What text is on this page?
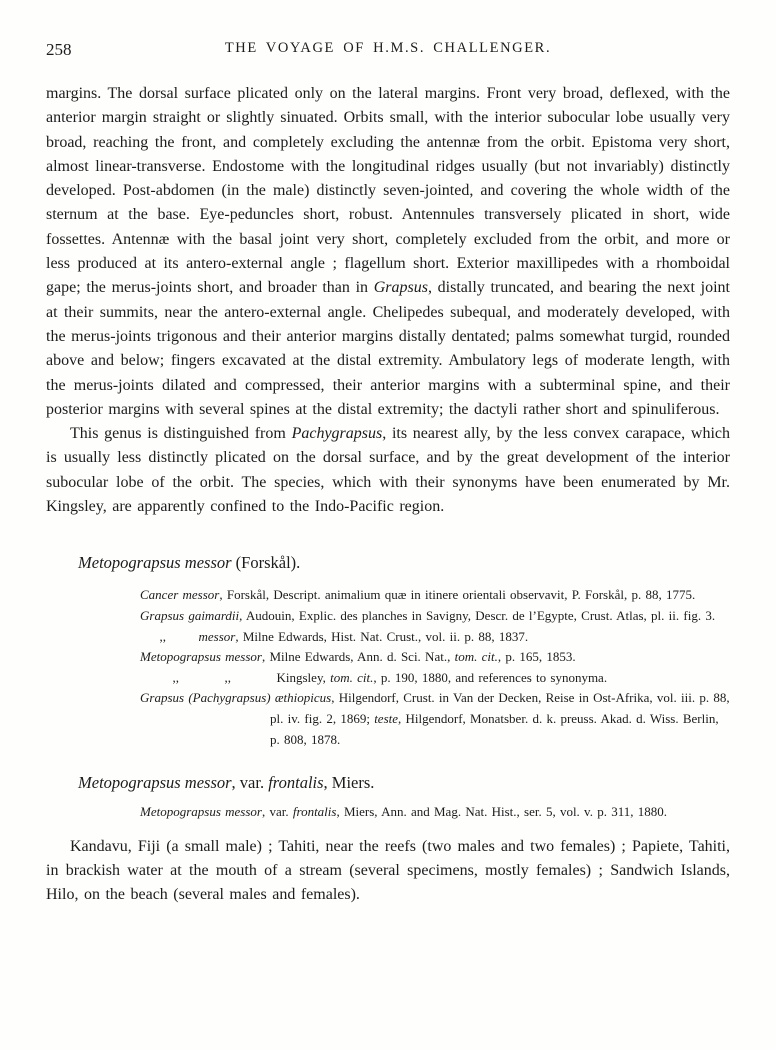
258	THE VOYAGE OF H.M.S. CHALLENGER.

margins. The dorsal surface plicated only on the lateral margins. Front very broad, deflexed, with the anterior margin straight or slightly sinuated. Orbits small, with the interior subocular lobe usually very broad, reaching the front, and completely excluding the antennæ from the orbit. Epistoma very short, almost linear-transverse. Endostome with the longitudinal ridges usually (but not invariably) distinctly developed. Post-abdomen (in the male) distinctly seven-jointed, and covering the whole width of the sternum at the base. Eye-peduncles short, robust. Antennules transversely plicated in short, wide fossettes. Antennæ with the basal joint very short, completely excluded from the orbit, and more or less produced at its antero-external angle ; flagellum short. Exterior maxillipedes with a rhomboidal gape; the merus-joints short, and broader than in Grapsus, distally truncated, and bearing the next joint at their summits, near the antero-external angle. Chelipedes subequal, and moderately developed, with the merus-joints trigonous and their anterior margins distally dentated; palms somewhat turgid, rounded above and below; fingers excavated at the distal extremity. Ambulatory legs of moderate length, with the merus-joints dilated and compressed, their anterior margins with a subterminal spine, and their posterior margins with several spines at the distal extremity; the dactyli rather short and spinuliferous.

This genus is distinguished from Pachygrapsus, its nearest ally, by the less convex carapace, which is usually less distinctly plicated on the dorsal surface, and by the great development of the interior subocular lobe of the orbit. The species, which with their synonyms have been enumerated by Mr. Kingsley, are apparently confined to the Indo-Pacific region.

Metopograpsus messor (Forskål).

Cancer messor, Forskål, Descript. animalium quæ in itinere orientali observavit, P. Forskål, p. 88, 1775.

Grapsus gaimardii, Audouin, Explic. des planches in Savigny, Descr. de l’Egypte, Crust. Atlas, pl. ii. fig. 3.

  ,,   messor, Milne Edwards, Hist. Nat. Crust., vol. ii. p. 88, 1837.

Metopograpsus messor, Milne Edwards, Ann. d. Sci. Nat., tom. cit., p. 165, 1853.

   ,,    ,,    Kingsley, tom. cit., p. 190, 1880, and references to synonyma.

Grapsus (Pachygrapsus) æthiopicus, Hilgendorf, Crust. in Van der Decken, Reise in Ost-Afrika, vol. iii. p. 88, pl. iv. fig. 2, 1869; teste, Hilgendorf, Monatsber. d. k. preuss. Akad. d. Wiss. Berlin, p. 808, 1878.

Metopograpsus messor, var. frontalis, Miers.

Metopograpsus messor, var. frontalis, Miers, Ann. and Mag. Nat. Hist., ser. 5, vol. v. p. 311, 1880.

Kandavu, Fiji (a small male) ; Tahiti, near the reefs (two males and two females) ; Papiete, Tahiti, in brackish water at the mouth of a stream (several specimens, mostly females) ; Sandwich Islands, Hilo, on the beach (several males and females).
